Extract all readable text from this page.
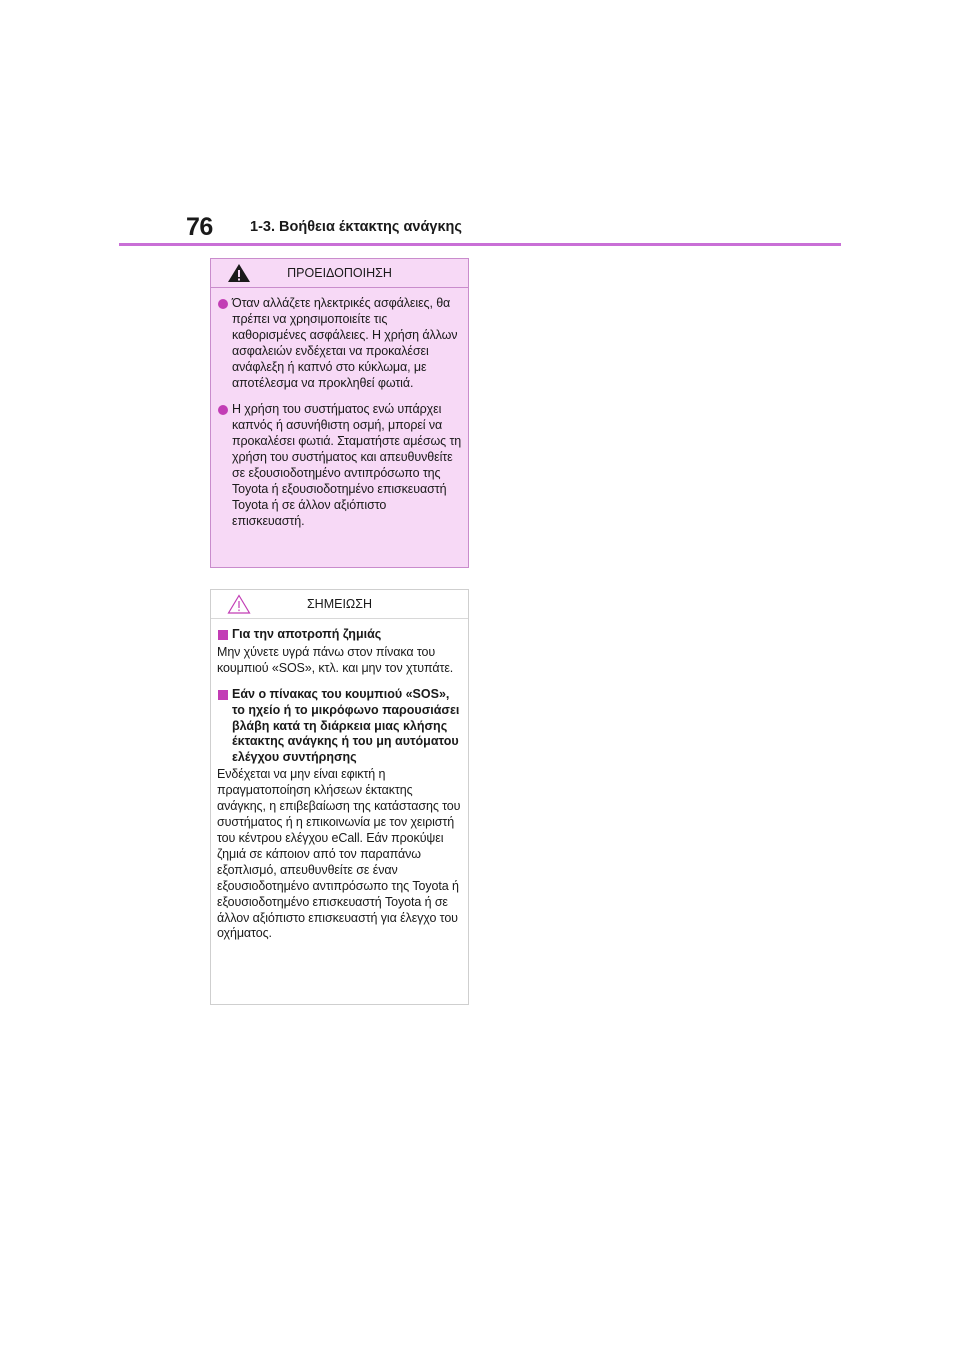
76	1-3. Βοήθεια έκτακτης ανάγκης
ΠΡΟΕΙΔΟΠΟΙΗΣΗ
Όταν αλλάζετε ηλεκτρικές ασφάλειες, θα πρέπει να χρησιμοποιείτε τις καθορισμένες ασφάλειες. Η χρήση άλλων ασφαλειών ενδέχεται να προκαλέσει ανάφλεξη ή καπνό στο κύκλωμα, με αποτέλεσμα να προκληθεί φωτιά.
Η χρήση του συστήματος ενώ υπάρχει καπνός ή ασυνήθιστη οσμή, μπορεί να προκαλέσει φωτιά. Σταματήστε αμέσως τη χρήση του συστήματος και απευθυνθείτε σε εξουσιοδοτημένο αντιπρόσωπο της Toyota ή εξουσιοδοτημένο επισκευαστή Toyota ή σε άλλον αξιόπιστο επισκευαστή.
ΣΗΜΕΙΩΣΗ
Για την αποτροπή ζημιάς
Μην χύνετε υγρά πάνω στον πίνακα του κουμπιού «SOS», κτλ. και μην τον χτυπάτε.
Εάν ο πίνακας του κουμπιού «SOS», το ηχείο ή το μικρόφωνο παρουσιάσει βλάβη κατά τη διάρκεια μιας κλήσης έκτακτης ανάγκης ή του μη αυτόματου ελέγχου συντήρησης
Ενδέχεται να μην είναι εφικτή η πραγματοποίηση κλήσεων έκτακτης ανάγκης, η επιβεβαίωση της κατάστασης του συστήματος ή η επικοινωνία με τον χειριστή του κέντρου ελέγχου eCall. Εάν προκύψει ζημιά σε κάποιον από τον παραπάνω εξοπλισμό, απευθυνθείτε σε έναν εξουσιοδοτημένο αντιπρόσωπο της Toyota ή εξουσιοδοτημένο επισκευαστή Toyota ή σε άλλον αξιόπιστο επισκευαστή για έλεγχο του οχήματος.
